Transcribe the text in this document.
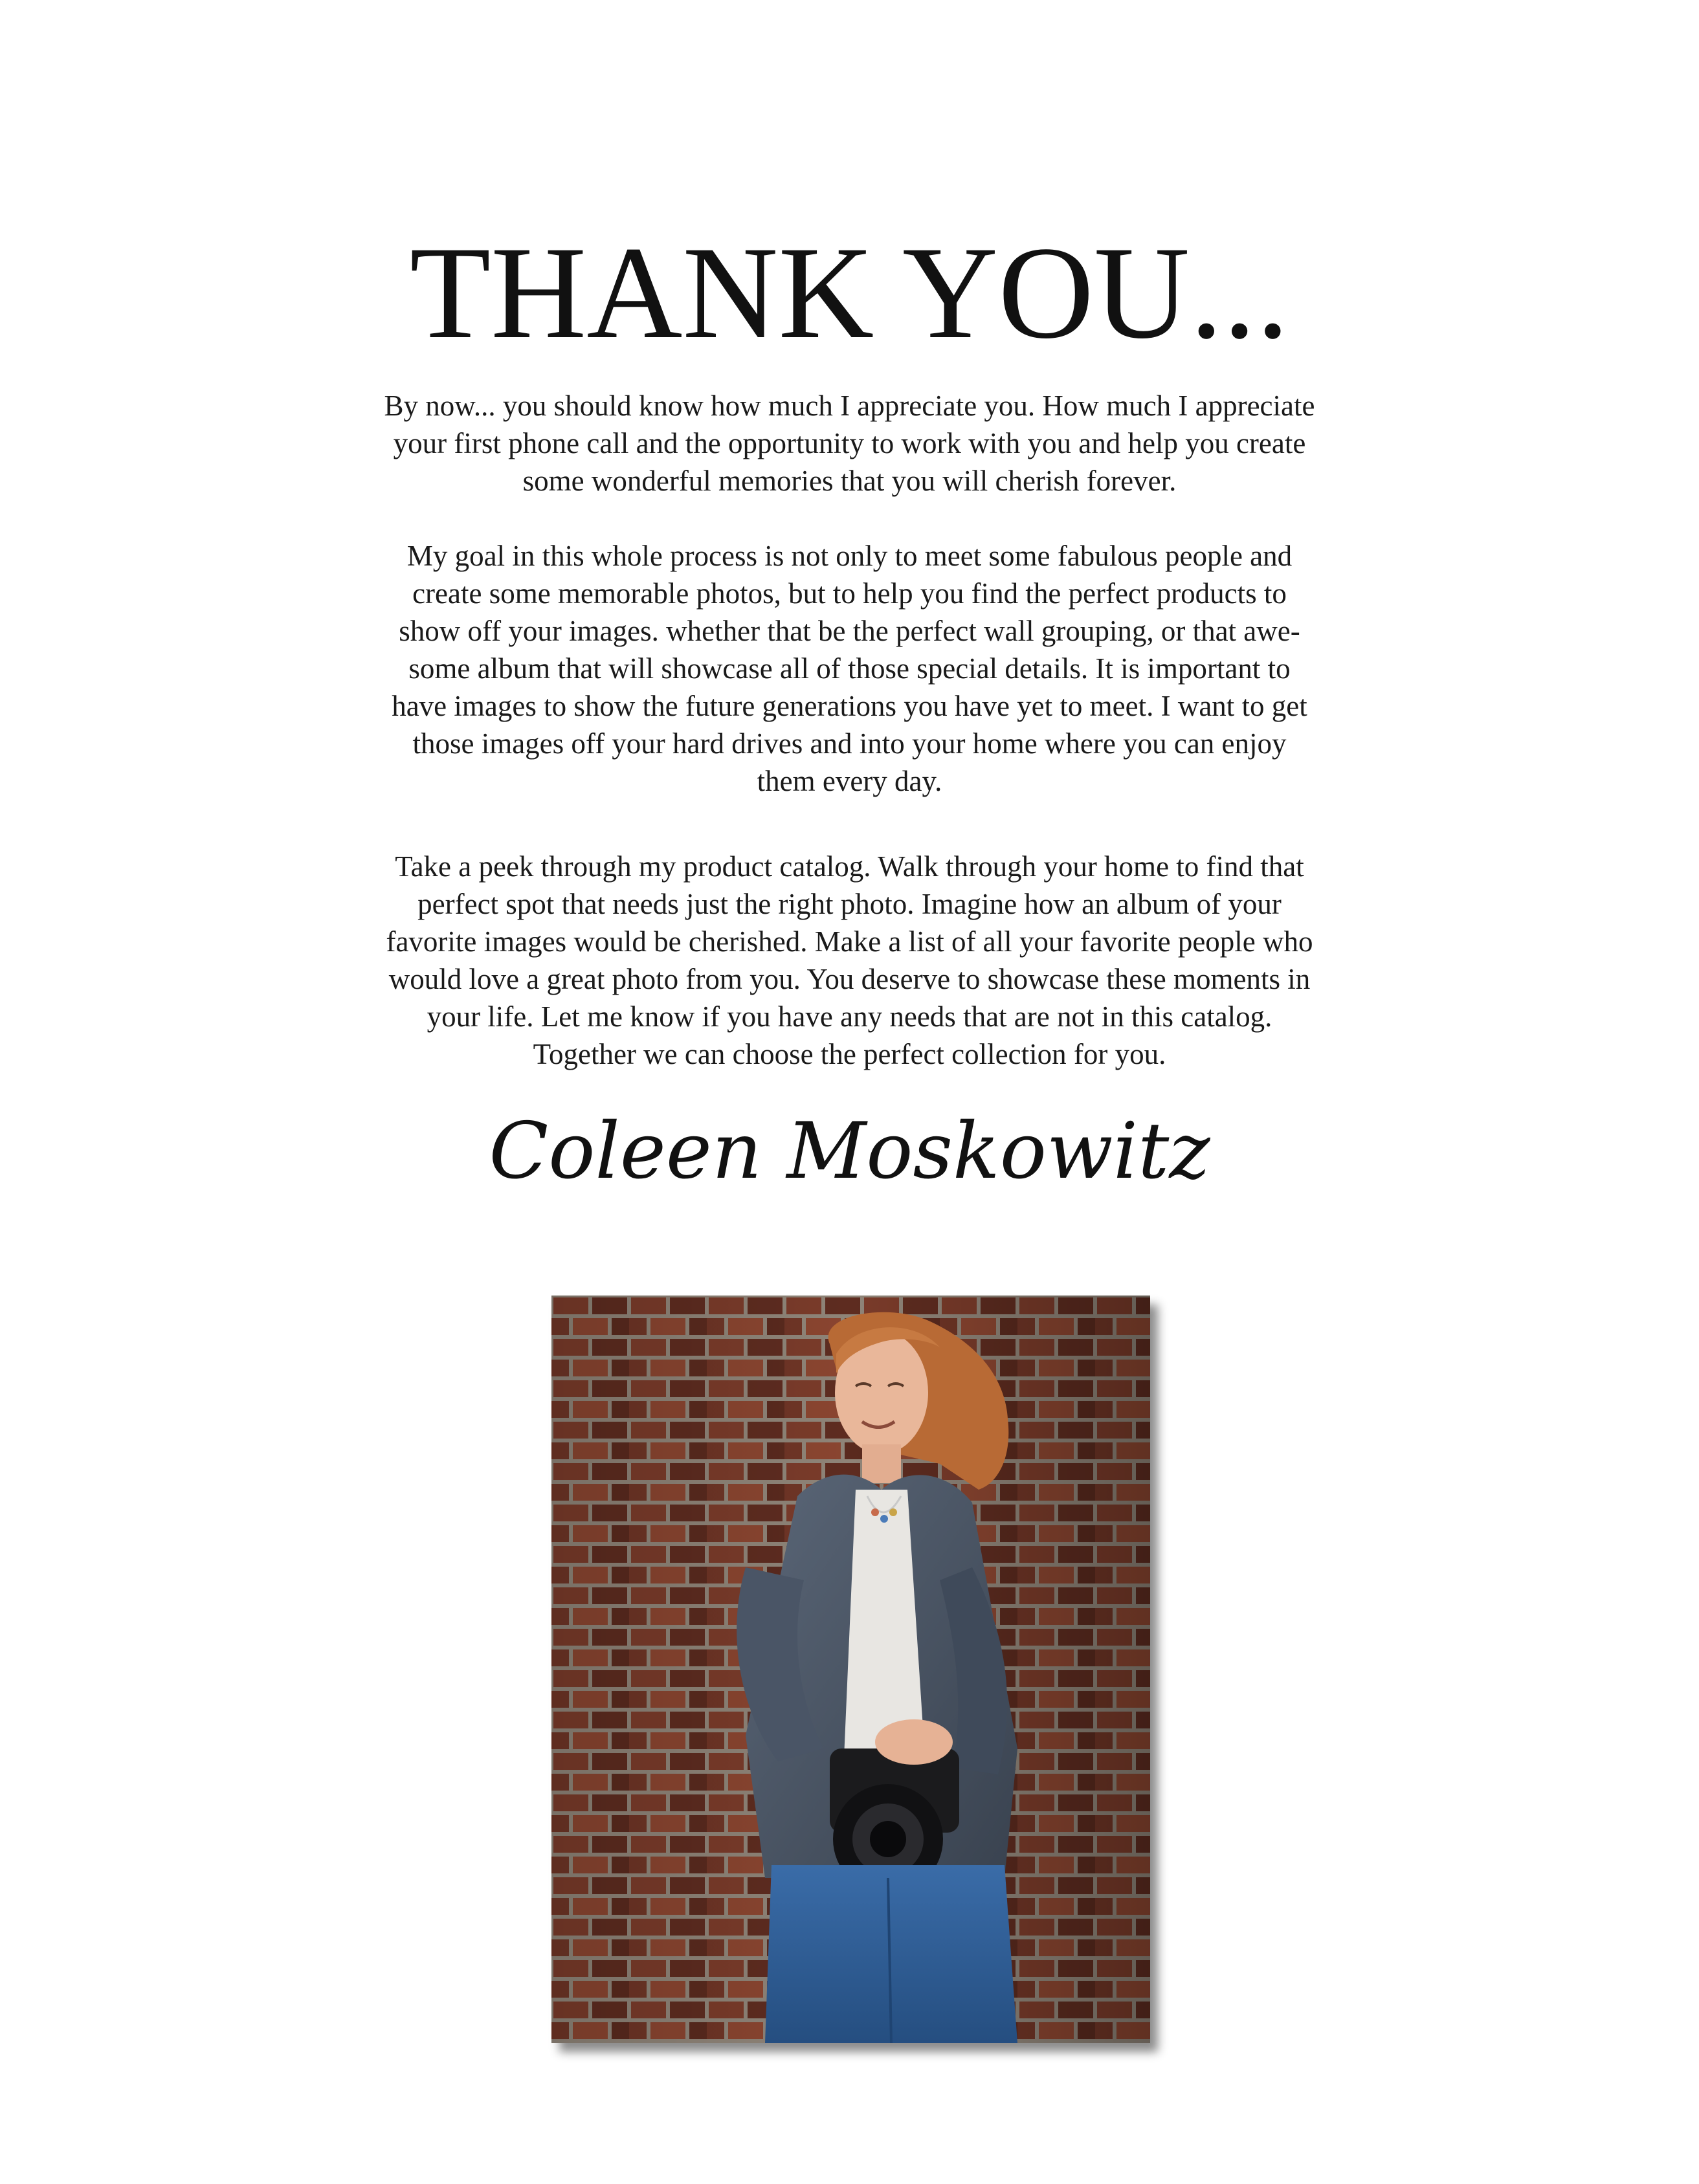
THANK YOU...

By now... you should know how much I appreciate you. How much I appreciate
your first phone call and the opportunity to work with you and help you create
some wonderful memories that you will cherish forever.

My goal in this whole process is not only to meet some fabulous people and
create some memorable photos, but to help you find the perfect products to
show off your images. whether that be the perfect wall grouping, or that awe-
some album that will showcase all of those special details. It is important to
have images to show the future generations you have yet to meet. I want to get
those images off your hard drives and into your home where you can enjoy
them every day.

Take a peek through my product catalog. Walk through your home to find that
perfect spot that needs just the right photo. Imagine how an album of your
favorite images would be cherished. Make a list of all your favorite people who
would love a great photo from you. You deserve to showcase these moments in
your life. Let me know if you have any needs that are not in this catalog.
Together we can choose the perfect collection for you.

Coleen Moskowitz
